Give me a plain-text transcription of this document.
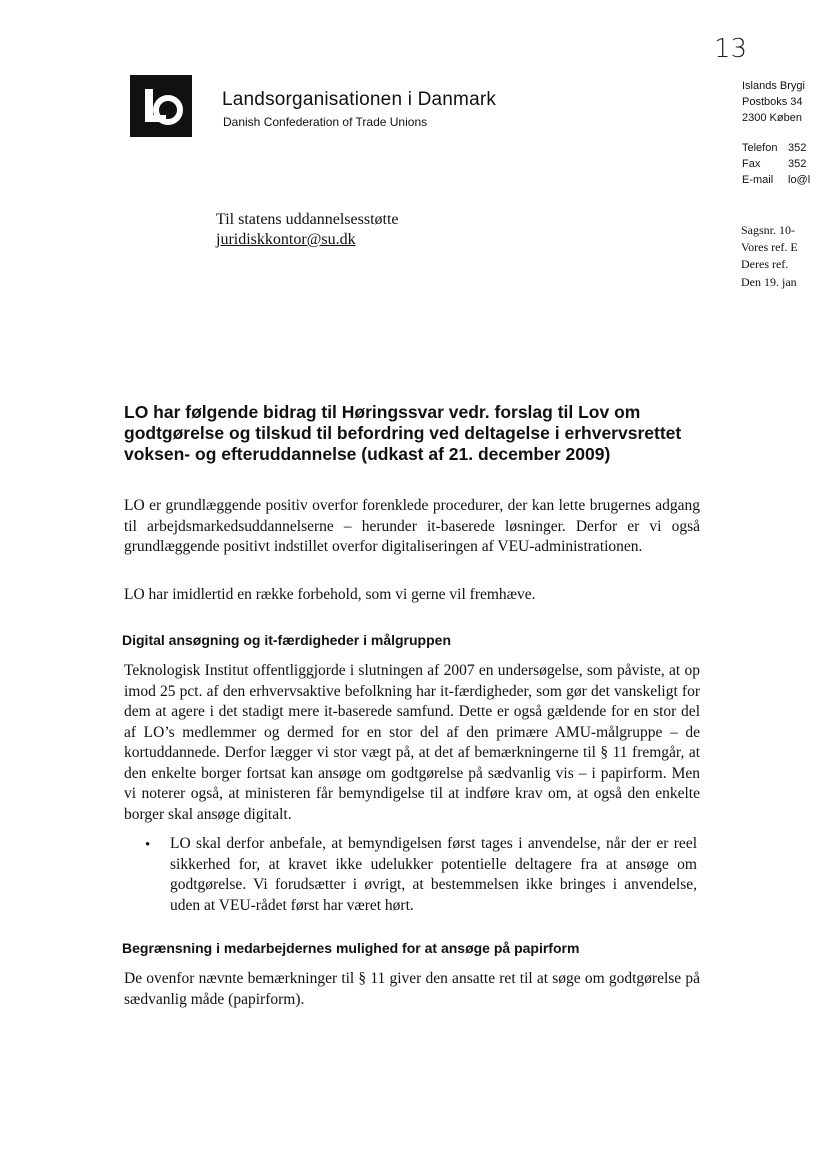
13
Landsorganisationen i Danmark
Danish Confederation of Trade Unions
Islands Brygi
Postboks 34
2300 Køben
Telefon 352
Fax	352
E-mail lo@l
Til statens uddannelsesstøtte
juridiskkontor@su.dk
Sagsnr. 10-
Vores ref. E
Deres ref.
Den 19. jan
LO har følgende bidrag til Høringssvar vedr. forslag til Lov om godtgørelse og tilskud til befordring ved deltagelse i erhvervsrettet voksen- og efteruddannelse (udkast af 21. december 2009)

LO er grundlæggende positiv overfor forenklede procedurer, der kan lette brugernes adgang til arbejdsmarkedsuddannelserne – herunder it-baserede løsninger. Derfor er vi også grundlæggende positivt indstillet overfor digitaliseringen af VEU-administrationen.

LO har imidlertid en række forbehold, som vi gerne vil fremhæve.

Digital ansøgning og it-færdigheder i målgruppen

Teknologisk Institut offentliggjorde i slutningen af 2007 en undersøgelse, som påviste, at op imod 25 pct. af den erhvervsaktive befolkning har it-færdigheder, som gør det vanskeligt for dem at agere i det stadigt mere it-baserede samfund. Dette er også gældende for en stor del af LO’s medlemmer og dermed for en stor del af den primære AMU-målgruppe – de kortuddannede. Derfor lægger vi stor vægt på, at det af bemærkningerne til § 11 fremgår, at den enkelte borger fortsat kan ansøge om godtgørelse på sædvanlig vis – i papirform. Men vi noterer også, at ministeren får bemyndigelse til at indføre krav om, at også den enkelte borger skal ansøge digitalt.

• LO skal derfor anbefale, at bemyndigelsen først tages i anvendelse, når der er reel sikkerhed for, at kravet ikke udelukker potentielle deltagere fra at ansøge om godtgørelse. Vi forudsætter i øvrigt, at bestemmelsen ikke bringes i anvendelse, uden at VEU-rådet først har været hørt.

Begrænsning i medarbejdernes mulighed for at ansøge på papirform

De ovenfor nævnte bemærkninger til § 11 giver den ansatte ret til at søge om godtgørelse på sædvanlig måde (papirform).
